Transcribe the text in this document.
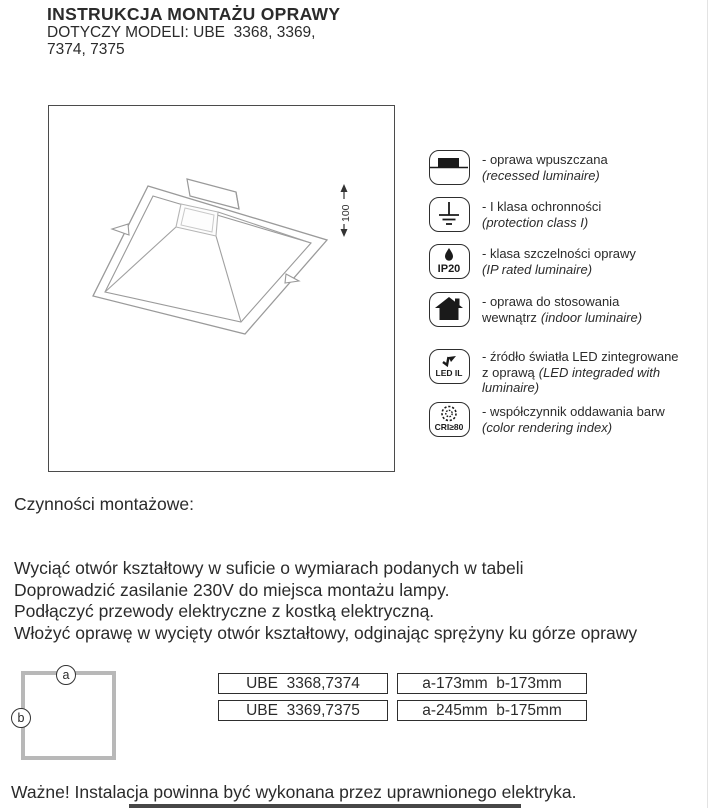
INSTRUKCJA MONTAŻU OPRAWY
DOTYCZY MODELI: UBE  3368, 3369,
7374, 7375
100
- oprawa wpuszczana
(recessed luminaire)
- I klasa ochronności
(protection class I)
IP20
- klasa szczelności oprawy
(IP rated luminaire)
- oprawa do stosowania
wewnątrz (indoor luminaire)
LED IL
- źródło światła LED zintegrowane
z oprawą (LED integraded with
luminaire)
CRI≥80
- współczynnik oddawania barw
(color rendering index)
Czynności montażowe:
Wyciąć otwór kształtowy w suficie o wymiarach podanych w tabeli
Doprowadzić zasilanie 230V do miejsca montażu lampy.
Podłączyć przewody elektryczne z kostką elektryczną.
Włożyć oprawę w wycięty otwór kształtowy, odginając sprężyny ku górze oprawy
a
b
UBE  3368,7374	a-173mm  b-173mm
UBE  3369,7375	a-245mm  b-175mm
Ważne! Instalacja powinna być wykonana przez uprawnionego elektryka.
